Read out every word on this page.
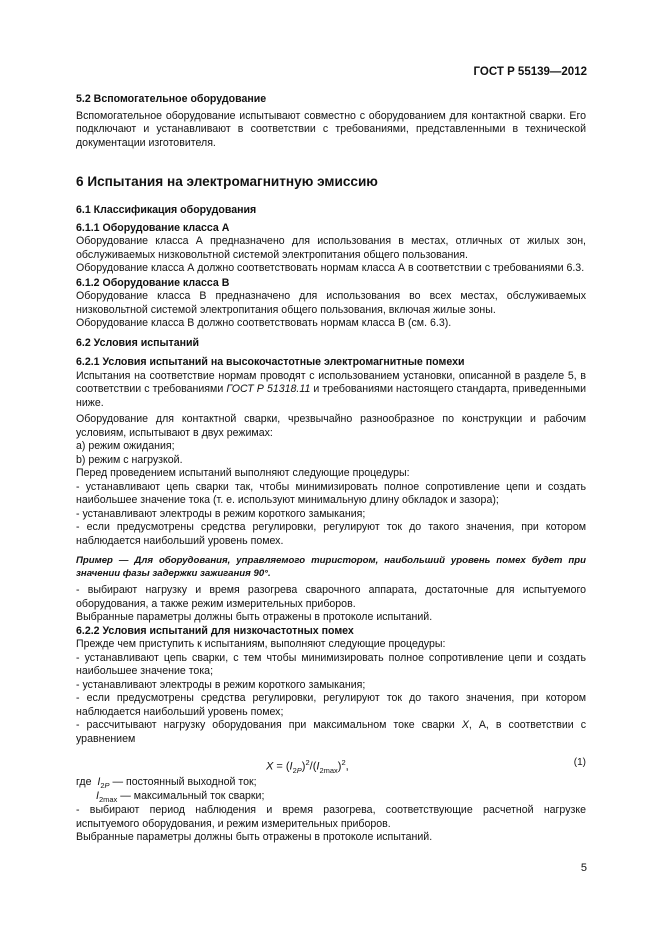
ГОСТ Р 55139—2012

5.2 Вспомогательное оборудование

Вспомогательное оборудование испытывают совместно с оборудованием для контактной сварки. Его подключают и устанавливают в соответствии с требованиями, представленными в технической документации изготовителя.

6 Испытания на электромагнитную эмиссию

6.1 Классификация оборудования

6.1.1 Оборудование класса А

Оборудование класса А предназначено для использования в местах, отличных от жилых зон, обслуживаемых низковольтной системой электропитания общего пользования.

Оборудование класса А должно соответствовать нормам класса А в соответствии с требованиями 6.3.

6.1.2 Оборудование класса В

Оборудование класса В предназначено для использования во всех местах, обслуживаемых низковольтной системой электропитания общего пользования, включая жилые зоны.

Оборудование класса В должно соответствовать нормам класса В (см. 6.3).

6.2 Условия испытаний

6.2.1 Условия испытаний на высокочастотные электромагнитные помехи

Испытания на соответствие нормам проводят с использованием установки, описанной в разделе 5, в соответствии с требованиями ГОСТ Р 51318.11 и требованиями настоящего стандарта, приведенными ниже.

Оборудование для контактной сварки, чрезвычайно разнообразное по конструкции и рабочим условиям, испытывают в двух режимах:

а) режим ожидания;

b) режим с нагрузкой.

Перед проведением испытаний выполняют следующие процедуры:

- устанавливают цепь сварки так, чтобы минимизировать полное сопротивление цепи и создать наибольшее значение тока (т. е. используют минимальную длину обкладок и зазора);

- устанавливают электроды в режим короткого замыкания;

- если предусмотрены средства регулировки, регулируют ток до такого значения, при котором наблюдается наибольший уровень помех.

Пример — Для оборудования, управляемого тиристором, наибольший уровень помех будет при значении фазы задержки зажигания 90°.

- выбирают нагрузку и время разогрева сварочного аппарата, достаточные для испытуемого оборудования, а также режим измерительных приборов.

Выбранные параметры должны быть отражены в протоколе испытаний.

6.2.2 Условия испытаний для низкочастотных помех

Прежде чем приступить к испытаниям, выполняют следующие процедуры:

- устанавливают цепь сварки, с тем чтобы минимизировать полное сопротивление цепи и создать наибольшее значение тока;

- устанавливают электроды в режим короткого замыкания;

- если предусмотрены средства регулировки, регулируют ток до такого значения, при котором наблюдается наибольший уровень помех;

- рассчитывают нагрузку оборудования при максимальном токе сварки X, А, в соответствии с уравнением

$X = (I_{2P})^2/(I_{2max})^2$,	(1)
где $I_{2P}$ — постоянный выходной ток;
$I_{2max}$ — максимальный ток сварки;

- выбирают период наблюдения и время разогрева, соответствующие расчетной нагрузке испытуемого оборудования, и режим измерительных приборов.

Выбранные параметры должны быть отражены в протоколе испытаний.

5
